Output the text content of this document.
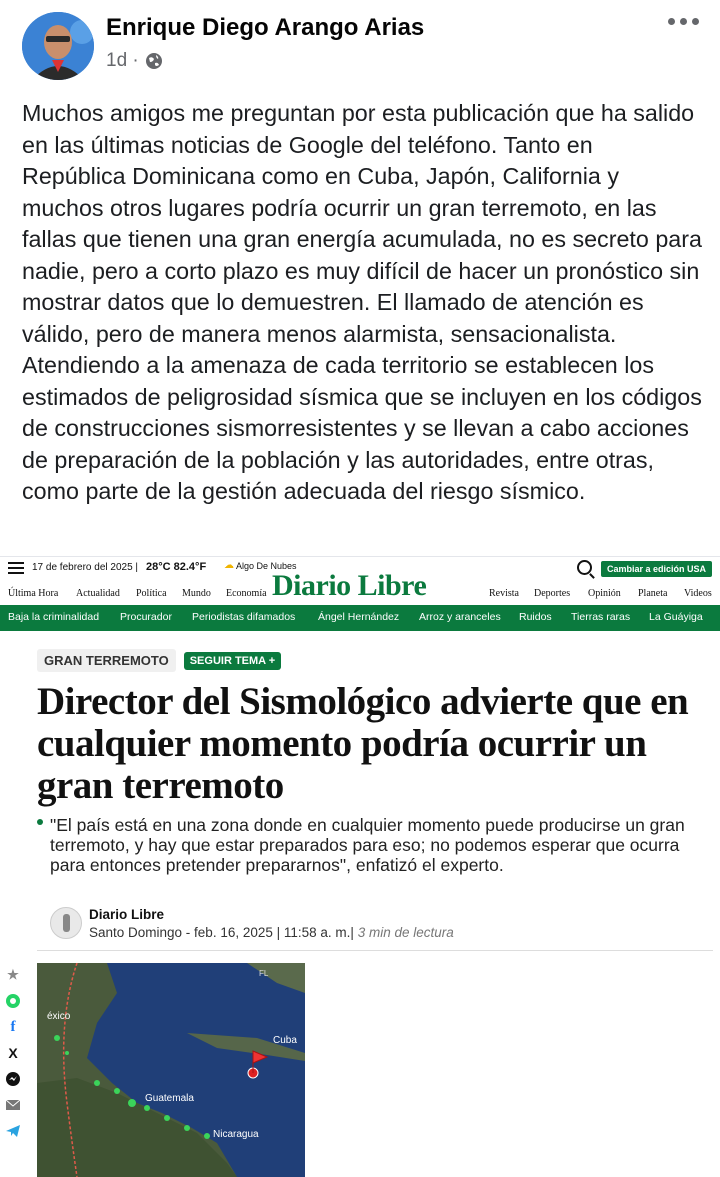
Enrique Diego Arango Arias
1d ·
Muchos amigos me preguntan por esta publicación que ha salido en las últimas noticias de Google del teléfono. Tanto en República Dominicana como en Cuba, Japón, California y muchos otros lugares podría ocurrir un gran terremoto, en las fallas que tienen una gran energía acumulada, no es secreto para nadie, pero a corto plazo es muy difícil de hacer un pronóstico sin mostrar datos que lo demuestren. El llamado de atención es válido, pero de manera menos alarmista, sensacionalista. Atendiendo a la amenaza de cada territorio se establecen los estimados de peligrosidad sísmica que se incluyen en los códigos de construcciones sismorresistentes y se llevan a cabo acciones de preparación de la población y las autoridades, entre otras, como parte de la gestión adecuada del riesgo sísmico.
17 de febrero del 2025 | 28°C 82.4°F ☁ Algo De Nubes	Cambiar a edición USA
Última Hora Actualidad Política Mundo Economía	Revista Deportes Opinión Planeta Videos
Diario Libre
Baja la criminalidad Procurador Periodistas difamados Ángel Hernández Arroz y aranceles Ruidos Tierras raras La Guáyiga
GRAN TERREMOTO	SEGUIR TEMA +
Director del Sismológico advierte que en cualquier momento podría ocurrir un gran terremoto
"El país está en una zona donde en cualquier momento puede producirse un gran terremoto, y hay que estar preparados para eso; no podemos esperar que ocurra para entonces pretender prepararnos", enfatizó el experto.
Diario Libre
Santo Domingo - feb. 16, 2025 | 11:58 a. m.| 3 min de lectura
★
f
X
éxico
Cuba
Guatemala
Nicaragua
FL
